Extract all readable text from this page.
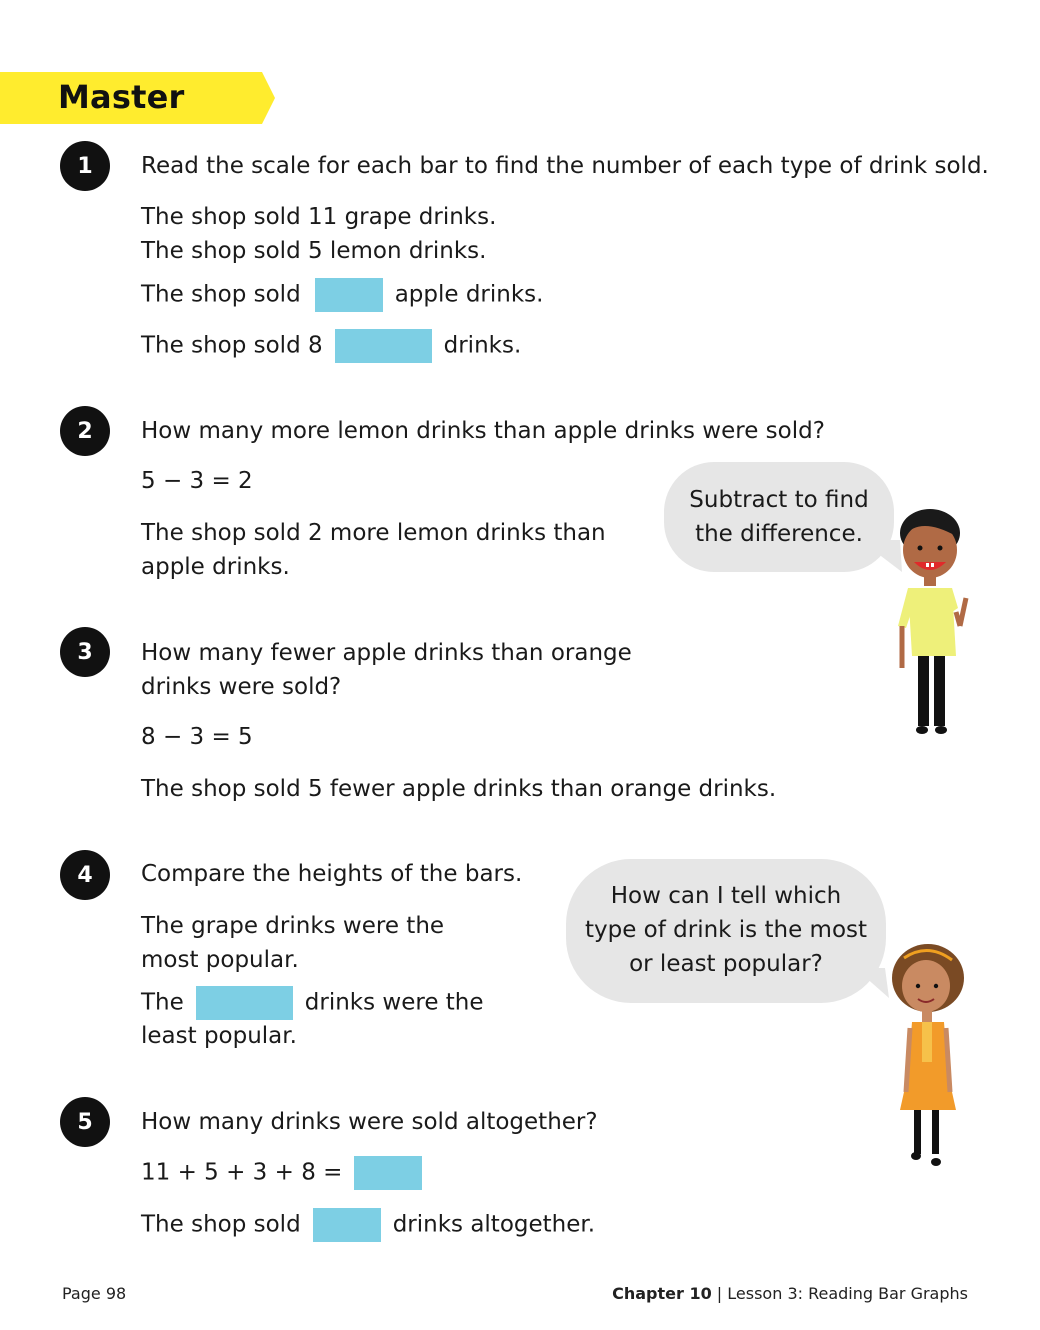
Master
1	Read the scale for each bar to find the number of each type of drink sold.
The shop sold 11 grape drinks.
The shop sold 5 lemon drinks.
The shop sold	apple drinks.
The shop sold 8	drinks.
2	How many more lemon drinks than apple drinks were sold?
5 − 3 = 2
The shop sold 2 more lemon drinks than
apple drinks.
Subtract to find
the difference.
3	How many fewer apple drinks than orange
drinks were sold?
8 − 3 = 5
The shop sold 5 fewer apple drinks than orange drinks.
4	Compare the heights of the bars.
The grape drinks were the
most popular.
The	drinks were the
least popular.
How can I tell which
type of drink is the most
or least popular?
5	How many drinks were sold altogether?
11 + 5 + 3 + 8 =
The shop sold	drinks altogether.
Page 98	Chapter 10 | Lesson 3: Reading Bar Graphs
